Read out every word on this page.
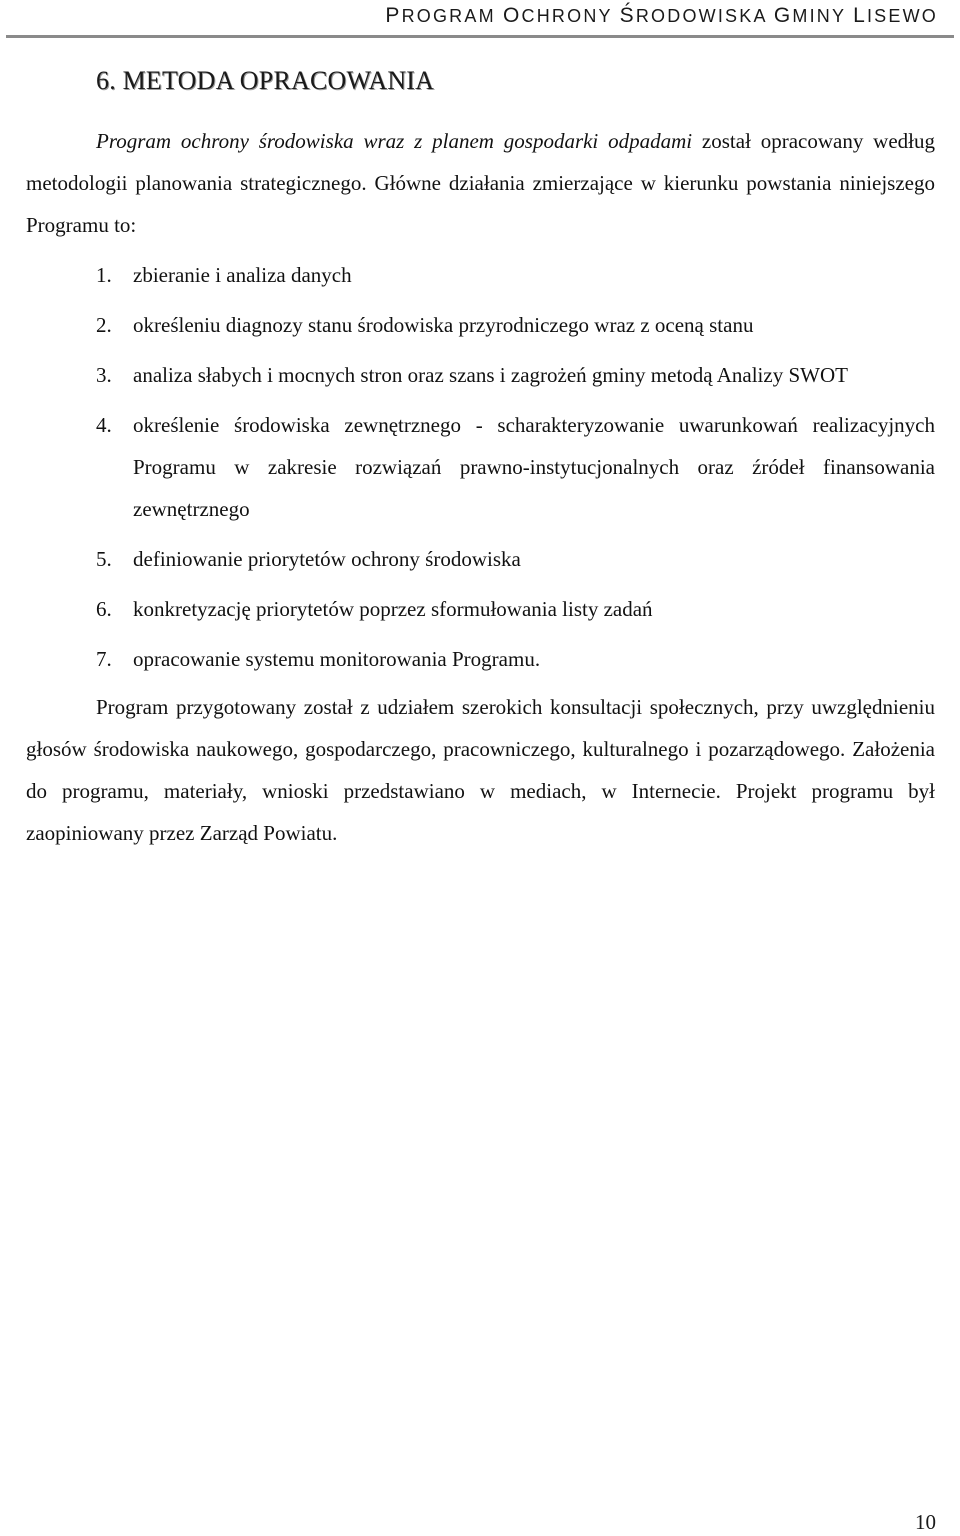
PROGRAM OCHRONY ŚRODOWISKA GMINY LISEWO
6. METODA OPRACOWANIA

Program ochrony środowiska wraz z planem gospodarki odpadami został opracowany według metodologii planowania strategicznego. Główne działania zmierzające w kierunku powstania niniejszego Programu to:

1. zbieranie i analiza danych
2. określeniu diagnozy stanu środowiska przyrodniczego wraz z oceną stanu
3. analiza słabych i mocnych stron oraz szans i zagrożeń gminy metodą Analizy SWOT
4. określenie środowiska zewnętrznego - scharakteryzowanie uwarunkowań realizacyjnych Programu w zakresie rozwiązań prawno-instytucjonalnych oraz źródeł finansowania zewnętrznego
5. definiowanie priorytetów ochrony środowiska
6. konkretyzację priorytetów poprzez sformułowania listy zadań
7. opracowanie systemu monitorowania Programu.

Program przygotowany został z udziałem szerokich konsultacji społecznych, przy uwzględnieniu głosów środowiska naukowego, gospodarczego, pracowniczego, kulturalnego i pozarządowego. Założenia do programu, materiały, wnioski przedstawiano w mediach, w Internecie. Projekt programu był zaopiniowany przez Zarząd Powiatu.

10
